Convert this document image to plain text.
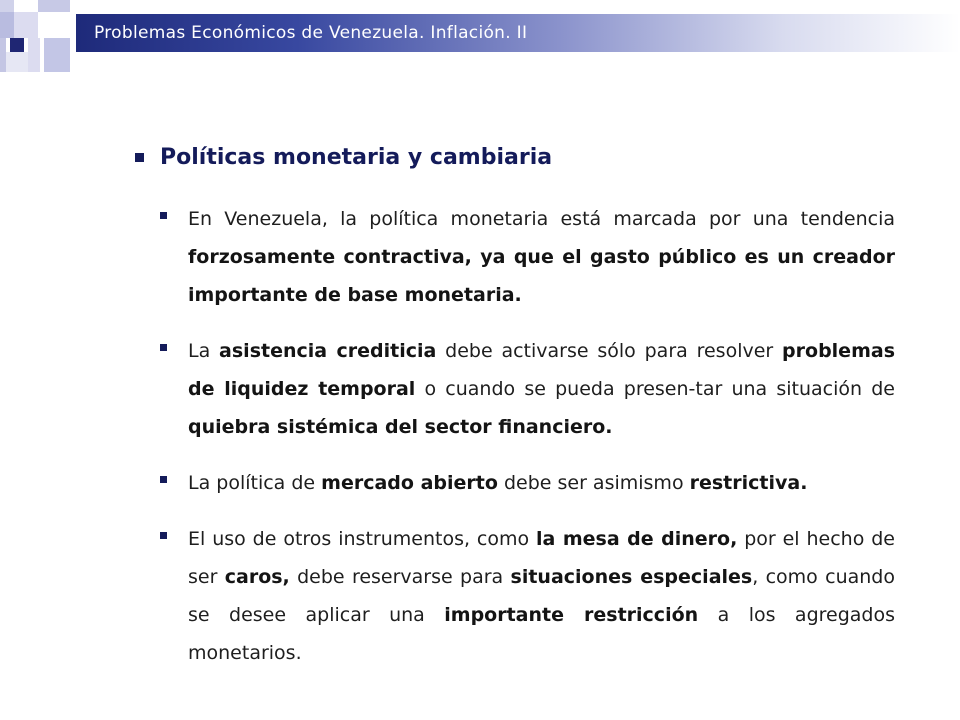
Problemas Económicos de Venezuela. Inflación. II
Políticas monetaria y cambiaria
En Venezuela, la política monetaria está marcada por una tendencia forzosamente contractiva, ya que el gasto público es un creador importante de base monetaria.
La asistencia crediticia debe activarse sólo para resolver problemas de liquidez temporal o cuando se pueda presen-tar una situación de quiebra sistémica del sector financiero.
La política de mercado abierto debe ser asimismo restrictiva.
El uso de otros instrumentos, como la mesa de dinero, por el hecho de ser caros, debe reservarse para situaciones especiales, como cuando se desee aplicar una importante restricción a los agregados monetarios.
